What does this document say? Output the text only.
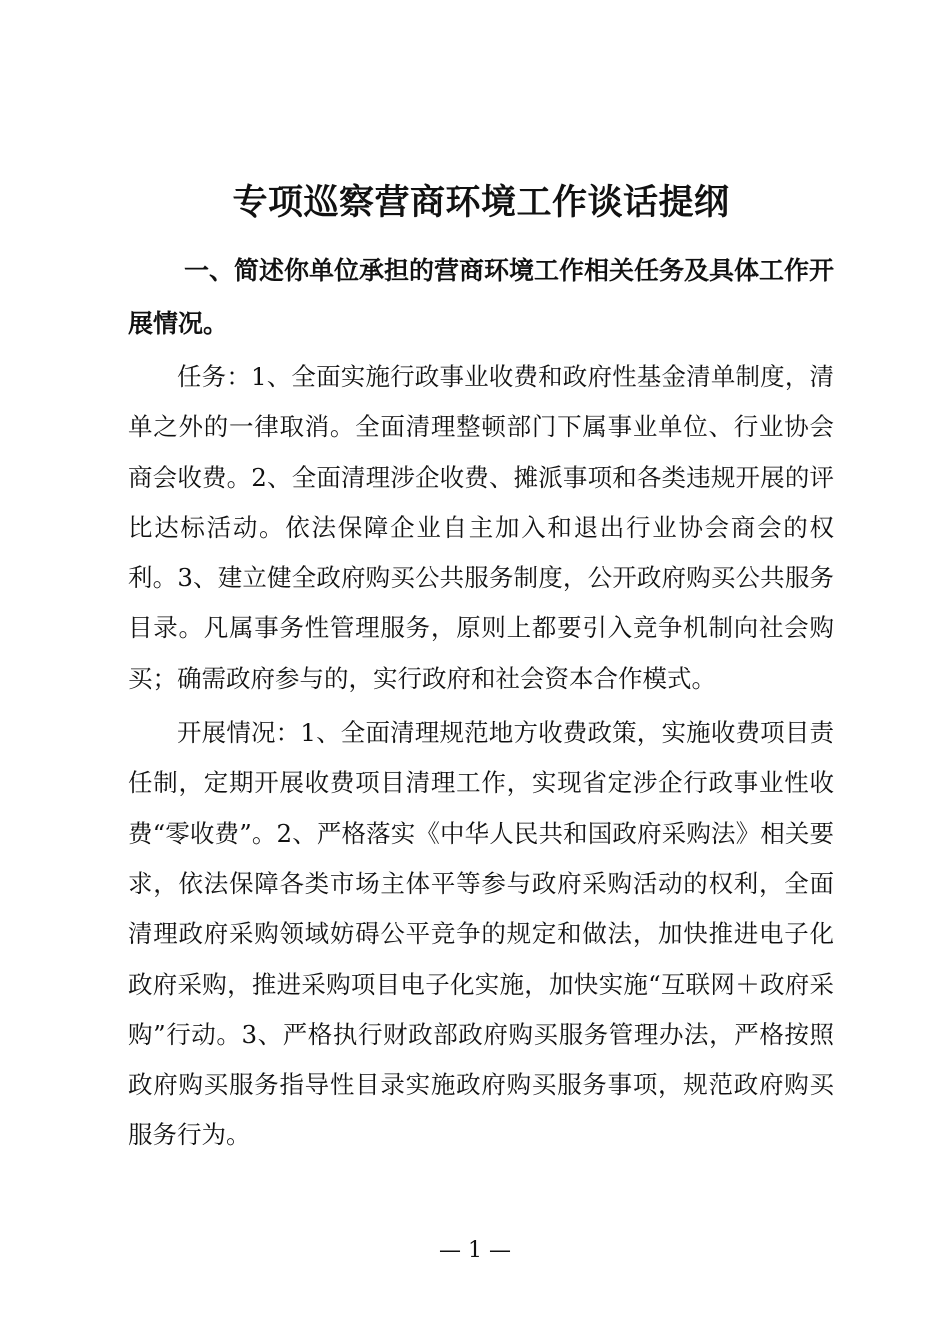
专项巡察营商环境工作谈话提纲

一、简述你单位承担的营商环境工作相关任务及具体工作开展情况。

任务：1、全面实施行政事业收费和政府性基金清单制度，清单之外的一律取消。全面清理整顿部门下属事业单位、行业协会商会收费。2、全面清理涉企收费、摊派事项和各类违规开展的评比达标活动。依法保障企业自主加入和退出行业协会商会的权利。3、建立健全政府购买公共服务制度，公开政府购买公共服务目录。凡属事务性管理服务，原则上都要引入竞争机制向社会购买；确需政府参与的，实行政府和社会资本合作模式。

开展情况：1、全面清理规范地方收费政策，实施收费项目责任制，定期开展收费项目清理工作，实现省定涉企行政事业性收费“零收费”。2、严格落实《中华人民共和国政府采购法》相关要求，依法保障各类市场主体平等参与政府采购活动的权利，全面清理政府采购领域妨碍公平竞争的规定和做法，加快推进电子化政府采购，推进采购项目电子化实施，加快实施“互联网＋政府采购”行动。3、严格执行财政部政府购买服务管理办法，严格按照政府购买服务指导性目录实施政府购买服务事项，规范政府购买服务行为。

— 1 —
